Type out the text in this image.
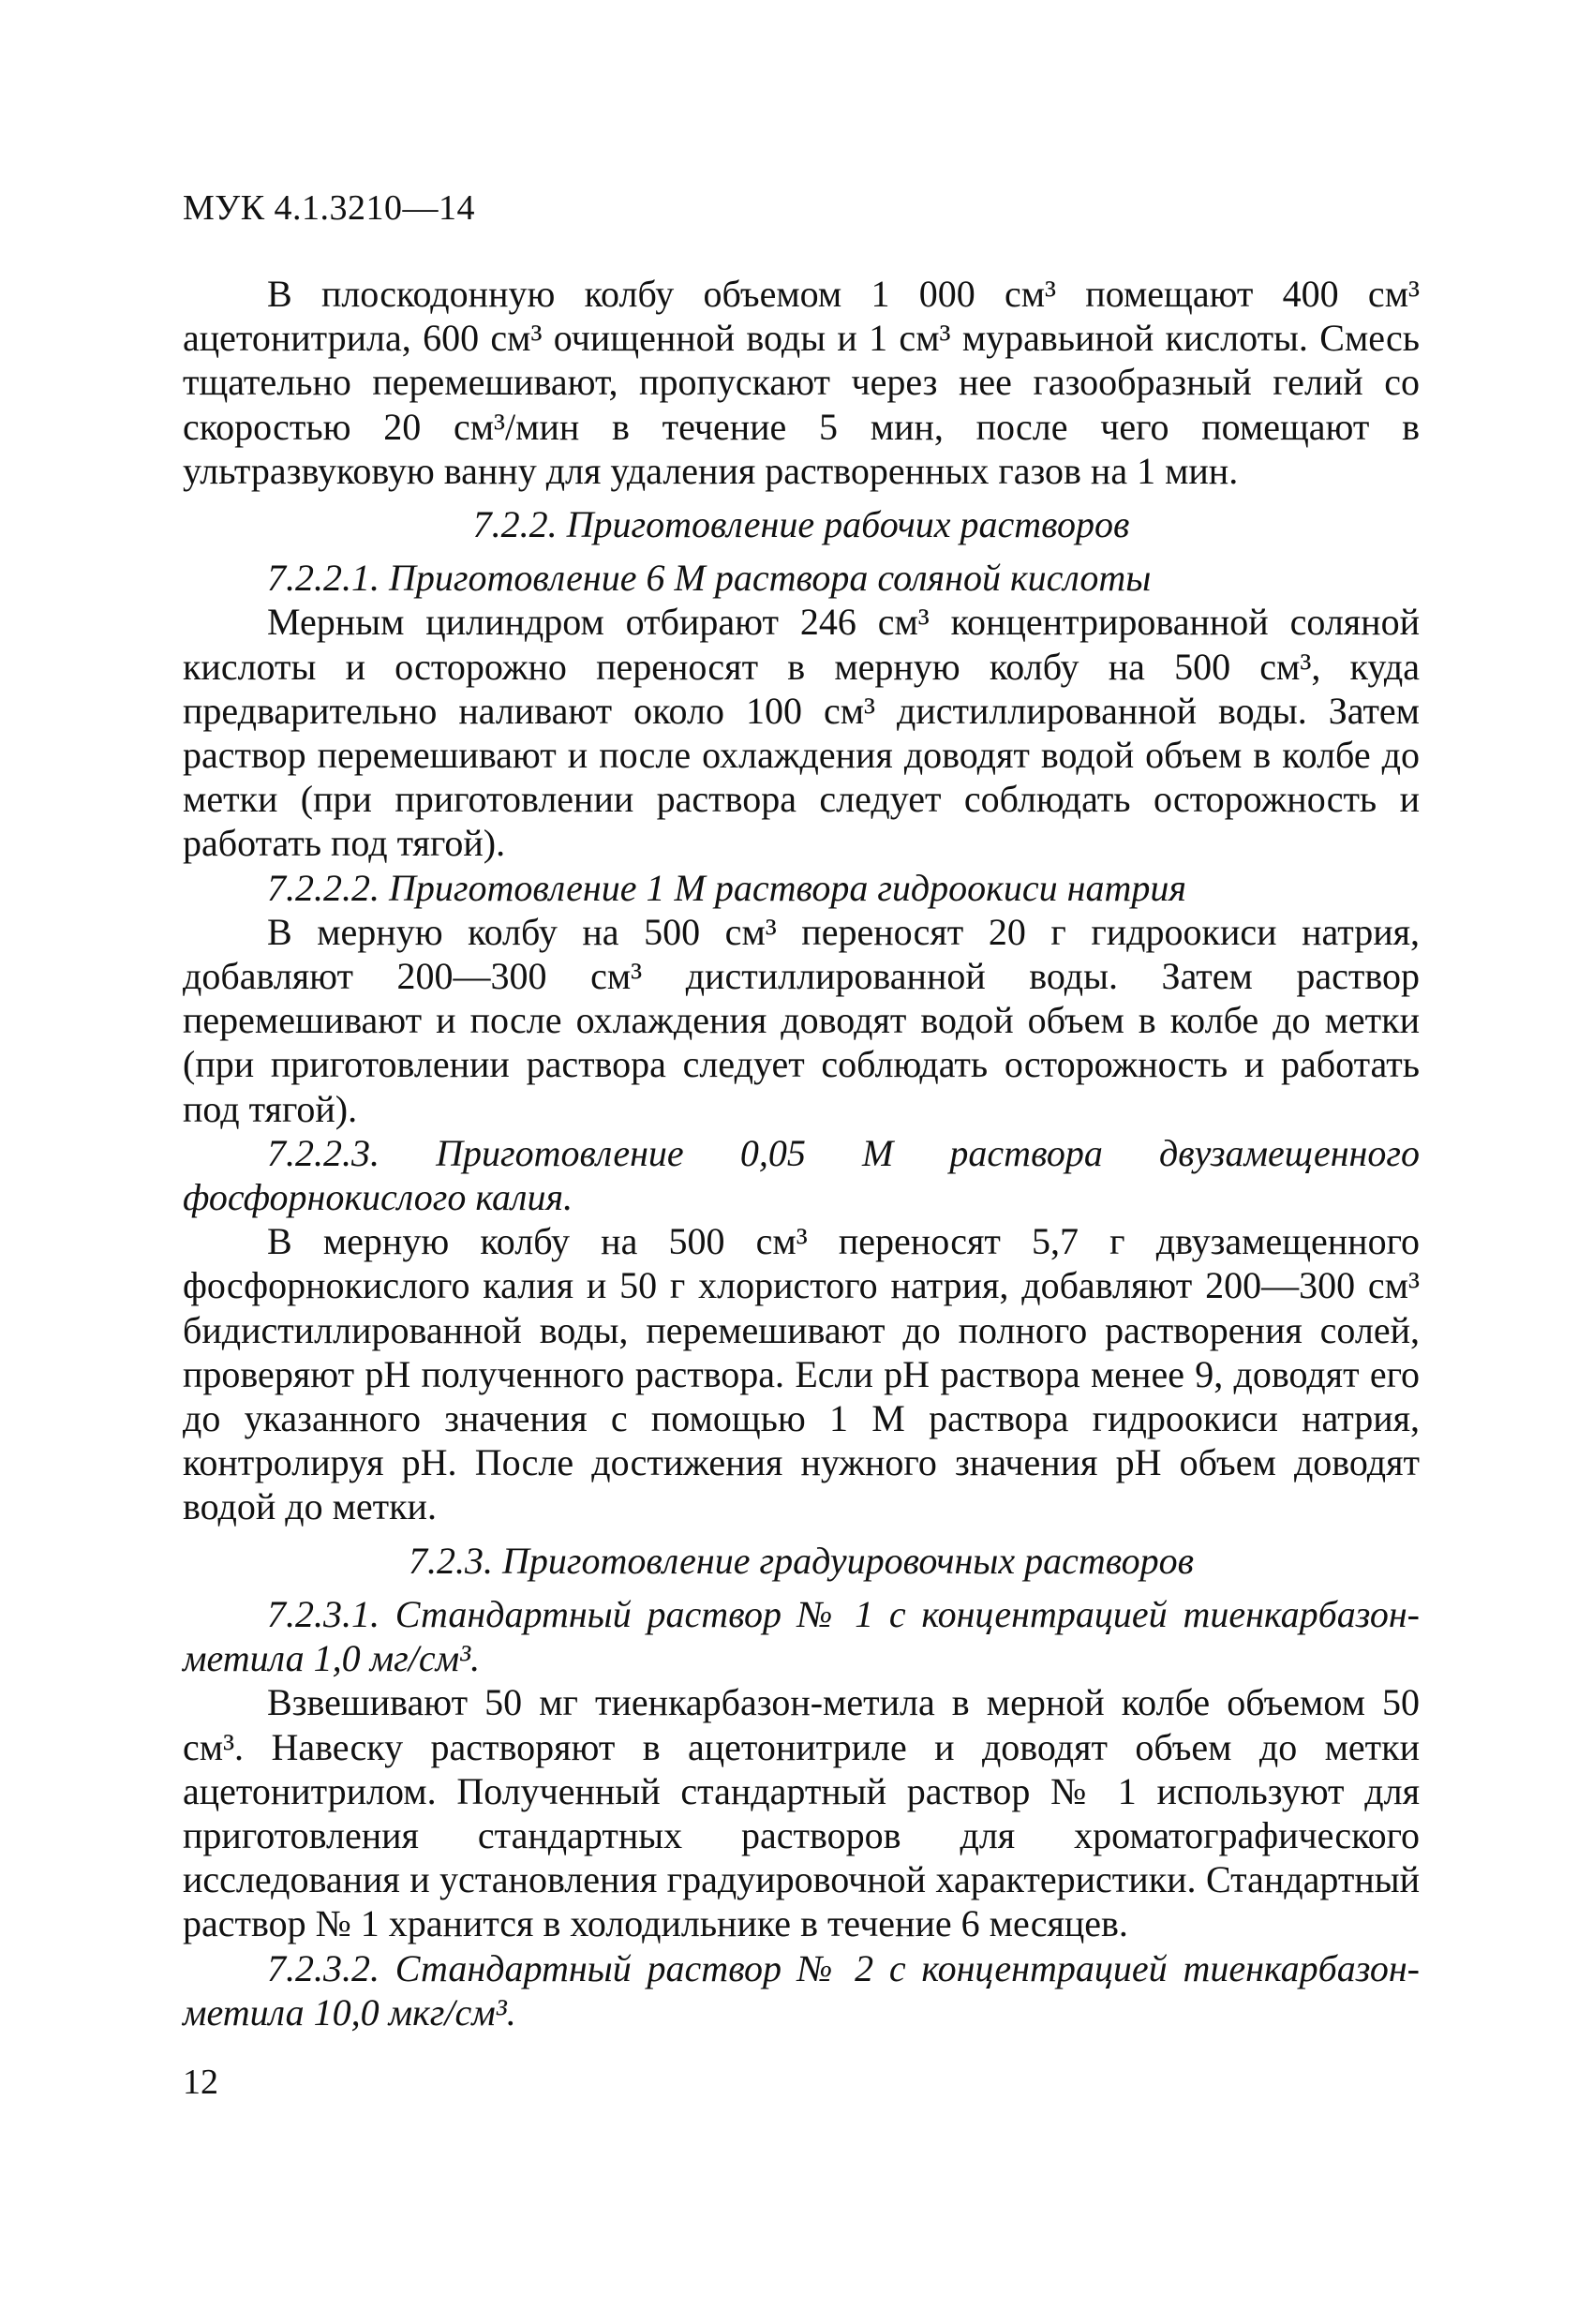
МУК 4.1.3210—14

В плоскодонную колбу объемом 1 000 см³ помещают 400 см³ ацетонитрила, 600 см³ очищенной воды и 1 см³ муравьиной кислоты. Смесь тщательно перемешивают, пропускают через нее газообразный гелий со скоростью 20 см³/мин в течение 5 мин, после чего помещают в ультразвуковую ванну для удаления растворенных газов на 1 мин.

7.2.2. Приготовление рабочих растворов

7.2.2.1. Приготовление 6 М раствора соляной кислоты

Мерным цилиндром отбирают 246 см³ концентрированной соляной кислоты и осторожно переносят в мерную колбу на 500 см³, куда предварительно наливают около 100 см³ дистиллированной воды. Затем раствор перемешивают и после охлаждения доводят водой объем в колбе до метки (при приготовлении раствора следует соблюдать осторожность и работать под тягой).

7.2.2.2. Приготовление 1 М раствора гидроокиси натрия

В мерную колбу на 500 см³ переносят 20 г гидроокиси натрия, добавляют 200—300 см³ дистиллированной воды. Затем раствор перемешивают и после охлаждения доводят водой объем в колбе до метки (при приготовлении раствора следует соблюдать осторожность и работать под тягой).

7.2.2.3. Приготовление 0,05 М раствора двузамещенного фосфорнокислого калия.

В мерную колбу на 500 см³ переносят 5,7 г двузамещенного фосфорнокислого калия и 50 г хлористого натрия, добавляют 200—300 см³ бидистиллированной воды, перемешивают до полного растворения солей, проверяют рН полученного раствора. Если рН раствора менее 9, доводят его до указанного значения с помощью 1 М раствора гидроокиси натрия, контролируя рН. После достижения нужного значения рН объем доводят водой до метки.

7.2.3. Приготовление градуировочных растворов

7.2.3.1. Стандартный раствор № 1 с концентрацией тиенкарбазон-метила 1,0 мг/см³.

Взвешивают 50 мг тиенкарбазон-метила в мерной колбе объемом 50 см³. Навеску растворяют в ацетонитриле и доводят объем до метки ацетонитрилом. Полученный стандартный раствор № 1 используют для приготовления стандартных растворов для хроматографического исследования и установления градуировочной характеристики. Стандартный раствор № 1 хранится в холодильнике в течение 6 месяцев.

7.2.3.2. Стандартный раствор № 2 с концентрацией тиенкарбазон-метила 10,0 мкг/см³.

12
